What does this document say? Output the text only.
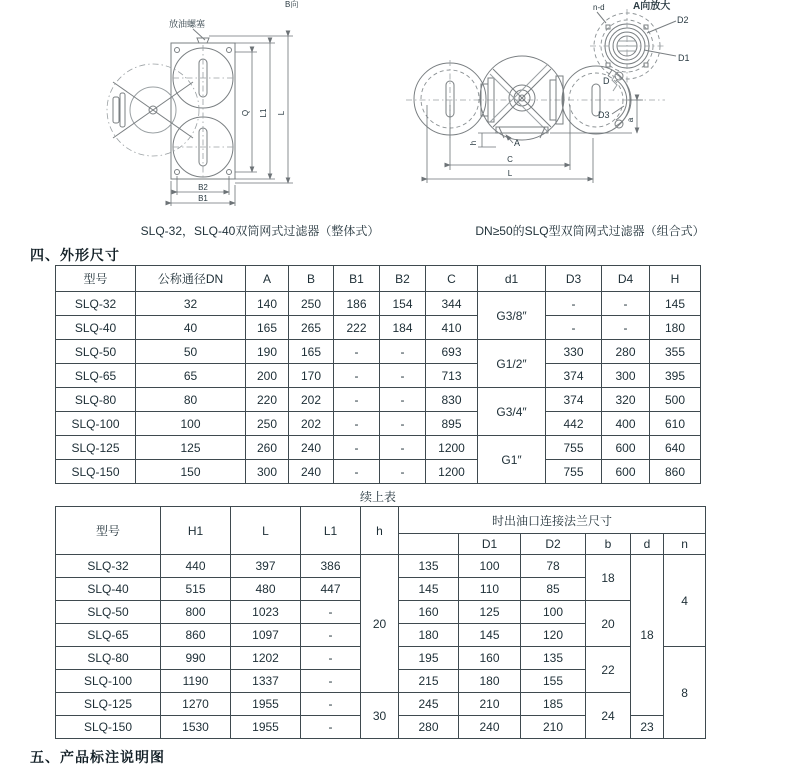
B向
放油螺塞
Q L1 L
B2
B1
A向放大
n-d
D2
D1
D
D3 a
h	A
C
L
SLQ-32，SLQ-40双筒网式过滤器（整体式）	DN≥50的SLQ型双筒网式过滤器（组合式）
四、外形尺寸
型号	公称通径DN	A	B	B1	B2	C	d1	D3	D4	H
SLQ-32	32	140	250	186	154	344	G3/8″	-	-	145
SLQ-40	40	165	265	222	184	410		-	-	180
SLQ-50	50	190	165	-	-	693	G1/2″	330	280	355
SLQ-65	65	200	170	-	-	713		374	300	395
SLQ-80	80	220	202	-	-	830	G3/4″	374	320	500
SLQ-100	100	250	202	-	-	895		442	400	610
SLQ-125	125	260	240	-	-	1200	G1″	755	600	640
SLQ-150	150	300	240	-	-	1200		755	600	860
续上表
型号	H1	L	L1	h	时出油口连接法兰尺寸					
						D1	D2	b	d	n
SLQ-32	440	397	386	20	135	100	78	18	18	4
SLQ-40	515	480	447		145	110	85			
SLQ-50	800	1023	-		160	125	100	20		
SLQ-65	860	1097	-		180	145	120			
SLQ-80	990	1202	-		195	160	135	22		8
SLQ-100	1190	1337	-		215	180	155			
SLQ-125	1270	1955	-	30	245	210	185	24		
SLQ-150	1530	1955	-		280	240	210		23	
五、产品标注说明图
